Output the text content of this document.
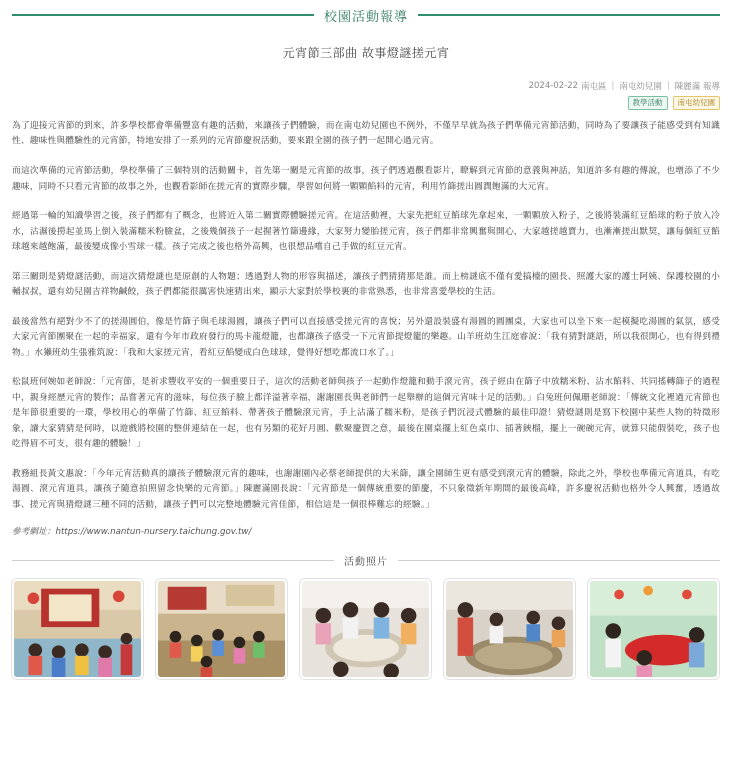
校園活動報導
元宵節三部曲 故事燈謎搓元宵
2024-02-22 南屯區 | 南屯幼兒園 | 陳麗滿 報導
教學活動	南屯幼兒園

為了迎接元宵節的到來，許多學校都會準備豐富有趣的活動，來讓孩子們體驗，而在南屯幼兒園也不例外，不僅早早就為孩子們準備元宵節活動，同時為了要讓孩子能感受到有知識性、趣味性與體驗性的元宵節，特地安排了一系列的元宵節慶祝活動，要來跟全園的孩子們一起開心過元宵。

而這次準備的元宵節活動，學校準備了三個特別的活動關卡，首先第一關是元宵節的故事，孩子們透過觀看影片，瞭解到元宵節的意義與神話，知道許多有趣的傳說，也增添了不少趣味，同時不只看元宵節的故事之外，也觀看影師在搓元宵的實際步驟，學習如何將一顆顆餡料的元宵，利用竹篩搓出圓潤飽滿的大元宵。

經過第一輪的知識學習之後，孩子們都有了概念，也將近入第二關實際體驗搓元宵。在這活動裡，大家先把紅豆餡球先拿起來，一顆顆放入粉子，之後將裝滿紅豆餡球的粉子放入冷水，沾濕後撈起並馬上倒入裝滿糯米粉臉盆，之後幾個孩子一起握著竹篩邊緣，大家努力變胎搓元宵，孩子們都非常興奮與開心，大家越搓越賣力，也漸漸搓出默契，讓每個紅豆餡球越來越飽滿，最後變成像小雪球一樣。孩子完成之後也格外高興，也很想品嚐自己手做的紅豆元宵。

第三關則是猜燈謎活動，而這次猜燈謎也是原創的人物題；透過對人物的形容與描述，讓孩子們猜猜那是誰。而上榜謎底不僅有愛搞檯的園長、照護大家的護士阿姨、保護校園的小輔叔叔，還有幼兒園吉祥物鹹餃，孩子們都能很厲害快速猜出來，顯示大家對於學校裏的非常熟悉，也非常喜愛學校的生活。

最後當然有絕對少不了的搓湯圓伯，像是竹篩子與毛球湯圓，讓孩子們可以直接感受搓元宵的喜悅；另外還設裝盛有湯圓的圓團桌，大家也可以坐下來一起模擬吃湯圓的氣氛，感受大家元宵節團聚在一起的幸福家，還有今年市政府發行的馬卡龍燈籠，也都讓孩子感受一下元宵節提燈籠的樂趣。山羊班幼生江庭睿說：「我有猜對謎語，所以我很開心，也有得到禮物。」水獺班幼生張雅筑說：「我和大家搓元宵，看紅豆餡變成白色球球，覺得好想吃都流口水了。」

松鼠班何婉如老師說：「元宵節，是祈求豐收平安的一個重要日子，這次的活動老師與孩子一起動作燈籠和動手滾元宵，孩子經由在篩子中放糯米粉、沾水餡料、共同搖轉篩子的過程中，親身經歷元宵的製作；品嘗著元宵的滋味，每位孩子臉上都洋溢著幸福，謝謝園長與老師們一起舉辦的這個元宵味十足的活動。」白兔班何佩珊老師說：「傳統文化裡過元宵節也是年節很重要的一環，學校用心的準備了竹篩、紅豆餡料、帶著孩子體驗滾元宵，手上沾滿了糯米粉，是孩子們沉浸式體驗的最佳印證！猜燈謎則是寫下校園中某些人物的特徵形象，讓大家猜猜是何時，以遊戲將校園的整併連結在一起，也有另類的花好月圓、歡聚慶賀之意，最後在園桌擺上紅色桌巾、插著鋏榴，擺上一碗碗元宵，就算只能假裝吃，孩子也吃得眉不可支，很有趣的體驗！」

教務組長黃文惠說：「今年元宵活動真的讓孩子體驗滾元宵的趣味，也謝謝園內必蔡老師提供的大米篩，讓全園師生更有感受到滾元宵的體驗，除此之外，學校也準備元宵道具，有吃湯圓、滾元宵道具，讓孩子隨意拍照留念快樂的元宵節。」陳麗滿園長說：「元宵節是一個傳統重要的節慶，不只象徵新年期間的最後高峰，許多慶祝活動也格外令人興奮，透過故事、搓元宵與猜燈謎三種不同的活動，讓孩子們可以完整地體驗元宵佳節，相信這是一個很棒難忘的經驗。」

參考網址：https://www.nantun-nursery.taichung.gov.tw/
活動照片
